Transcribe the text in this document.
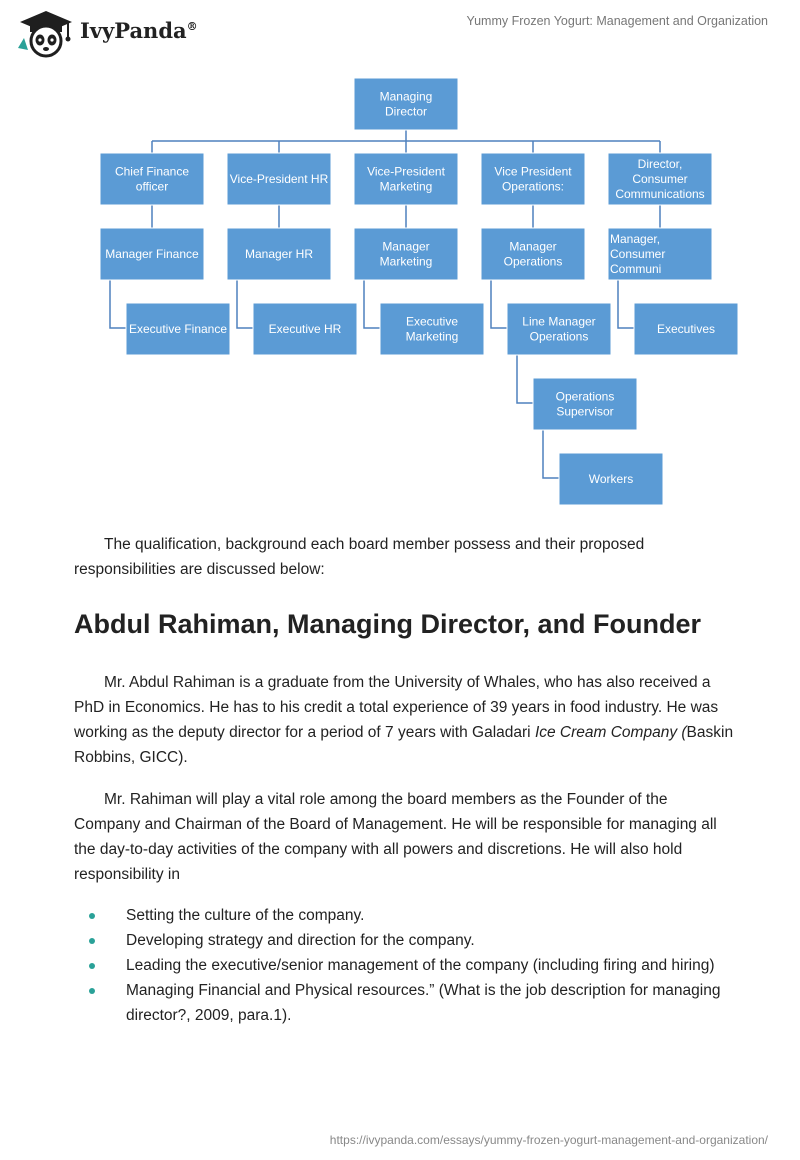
IvyPanda®	Yummy Frozen Yogurt: Management and Organization
Managing
Director
Chief Finance
officer
Vice-President HR
Vice-President
Marketing
Vice President
Operations:
Director,
Consumer
Communications
Manager Finance	Manager HR
Manager
Marketing
Manager
Operations
Manager,
Consumer
Communi
Executive Finance	Executive HR
Executive
Marketing
Line Manager
Operations
Executives
Operations
Supervisor
Workers

The qualification, background each board member possess and their proposed responsibilities are discussed below:

Abdul Rahiman, Managing Director, and Founder

Mr. Abdul Rahiman is a graduate from the University of Whales, who has also received a PhD in Economics. He has to his credit a total experience of 39 years in food industry. He was working as the deputy director for a period of 7 years with Galadari Ice Cream Company (Baskin Robbins, GICC).

Mr. Rahiman will play a vital role among the board members as the Founder of the Company and Chairman of the Board of Management. He will be responsible for managing all the day-to-day activities of the company with all powers and discretions. He will also hold responsibility in

Setting the culture of the company.
Developing strategy and direction for the company.
Leading the executive/senior management of the company (including firing and hiring)
Managing Financial and Physical resources.” (What is the job description for managing director?, 2009, para.1).
https://ivypanda.com/essays/yummy-frozen-yogurt-management-and-organization/
